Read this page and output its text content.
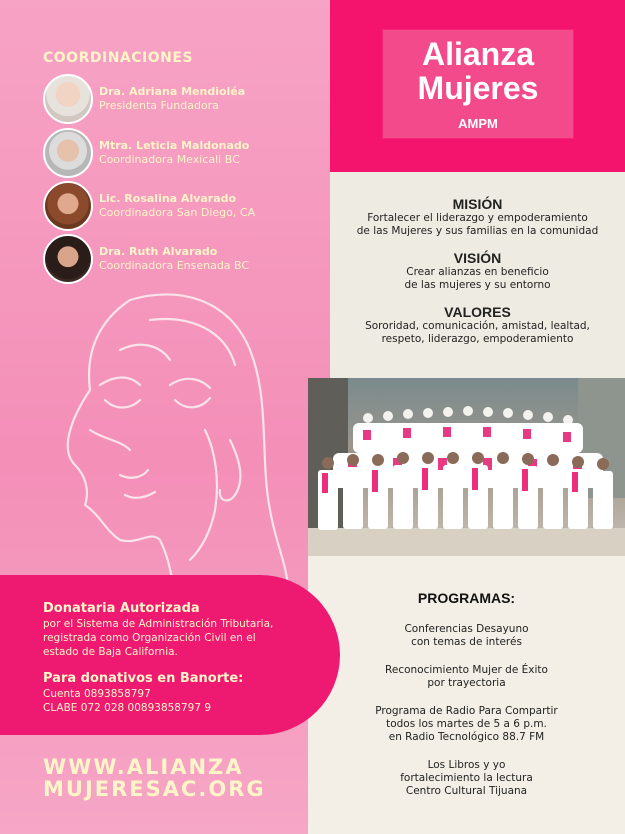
COORDINACIONES
Dra. Adriana Mendioléa
Presidenta Fundadora
Mtra. Leticia Maldonado
Coordinadora Mexicali BC
Lic. Rosalina Alvarado
Coordinadora San Diego, CA
Dra. Ruth Alvarado
Coordinadora Ensenada BC
Alianza
Mujeres
AMPM
MISIÓN
Fortalecer el liderazgo y empoderamiento
de las Mujeres y sus familias en la comunidad
VISIÓN
Crear alianzas en beneficio
de las mujeres y su entorno
VALORES
Sororidad, comunicación, amistad, lealtad,
respeto, liderazgo, empoderamiento
Donataria Autorizada
por el Sistema de Administración Tributaria,
registrada como Organización Civil en el
estado de Baja California.
Para donativos en Banorte:
Cuenta 0893858797
CLABE 072 028 00893858797 9
WWW.ALIANZA
MUJERESAC.ORG
PROGRAMAS:
Conferencias Desayuno
con temas de interés
Reconocimiento Mujer de Éxito
por trayectoria
Programa de Radio Para Compartir
todos los martes de 5 a 6 p.m.
en Radio Tecnológico 88.7 FM
Los Libros y yo
fortalecimiento la lectura
Centro Cultural Tijuana
